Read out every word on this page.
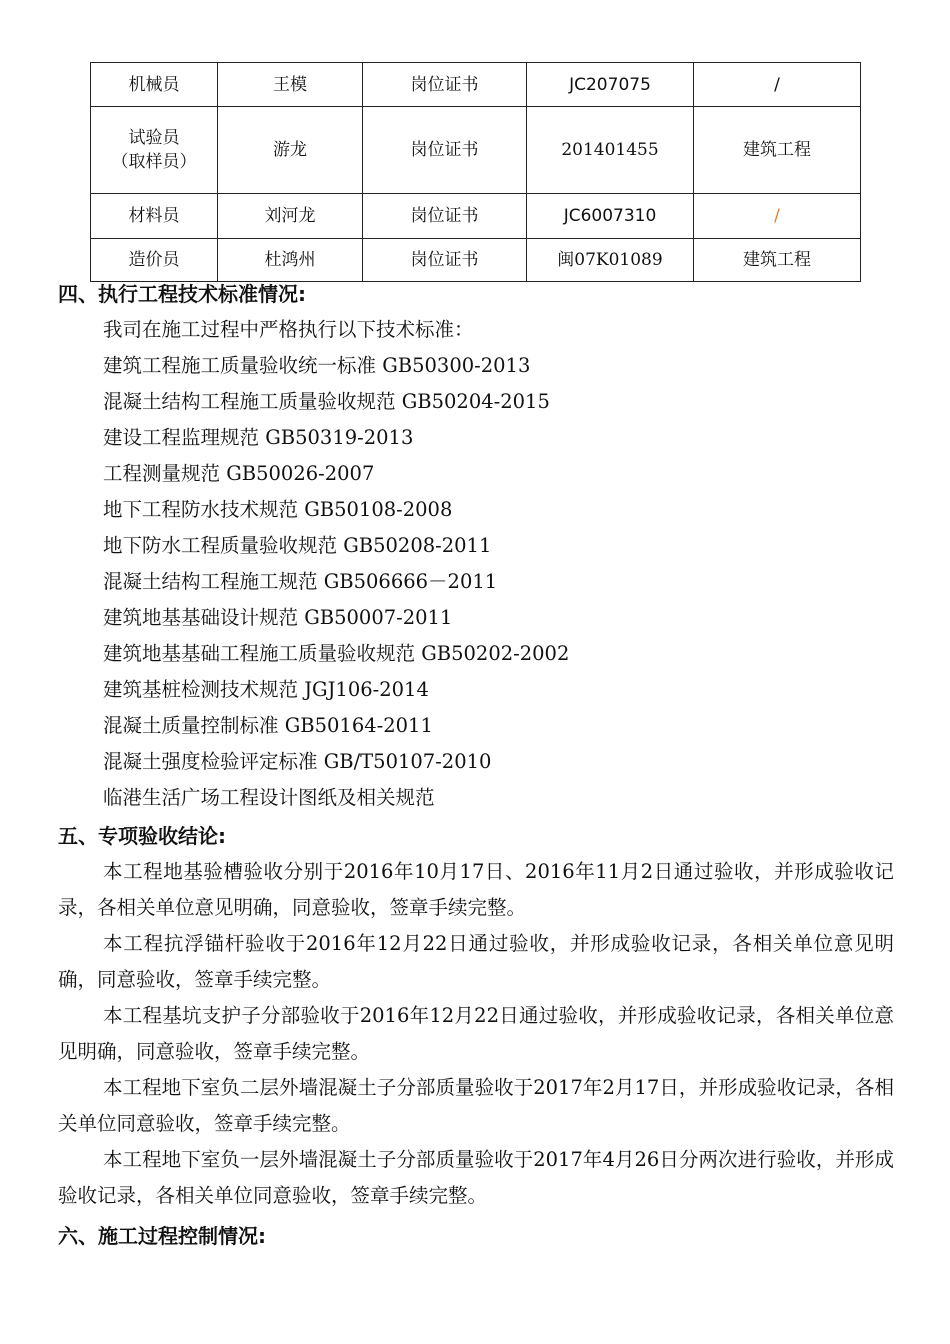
机械员	王模	岗位证书	JC207075	/

试验员
（取样员）	游龙	岗位证书	201401455	建筑工程
材料员	刘河龙	岗位证书	JC6007310	/
造价员	杜鸿州	岗位证书	闽07K01089	建筑工程
四、执行工程技术标准情况:
我司在施工过程中严格执行以下技术标准：
建筑工程施工质量验收统一标准 GB50300-2013
混凝土结构工程施工质量验收规范 GB50204-2015
建设工程监理规范 GB50319-2013
工程测量规范 GB50026-2007
地下工程防水技术规范 GB50108-2008
地下防水工程质量验收规范 GB50208-2011
混凝土结构工程施工规范 GB506666－2011
建筑地基基础设计规范 GB50007-2011
建筑地基基础工程施工质量验收规范 GB50202-2002
建筑基桩检测技术规范 JGJ106-2014
混凝土质量控制标准 GB50164-2011
混凝土强度检验评定标准 GB/T50107-2010
临港生活广场工程设计图纸及相关规范
五、专项验收结论:

本工程地基验槽验收分别于2016年10月17日、2016年11月2日通过验收，并形成验收记录，各相关单位意见明确，同意验收，签章手续完整。

本工程抗浮锚杆验收于2016年12月22日通过验收，并形成验收记录，各相关单位意见明确，同意验收，签章手续完整。

本工程基坑支护子分部验收于2016年12月22日通过验收，并形成验收记录，各相关单位意见明确，同意验收，签章手续完整。

本工程地下室负二层外墙混凝土子分部质量验收于2017年2月17日，并形成验收记录，各相关单位同意验收，签章手续完整。

本工程地下室负一层外墙混凝土子分部质量验收于2017年4月26日分两次进行验收，并形成验收记录，各相关单位同意验收，签章手续完整。

六、施工过程控制情况:
